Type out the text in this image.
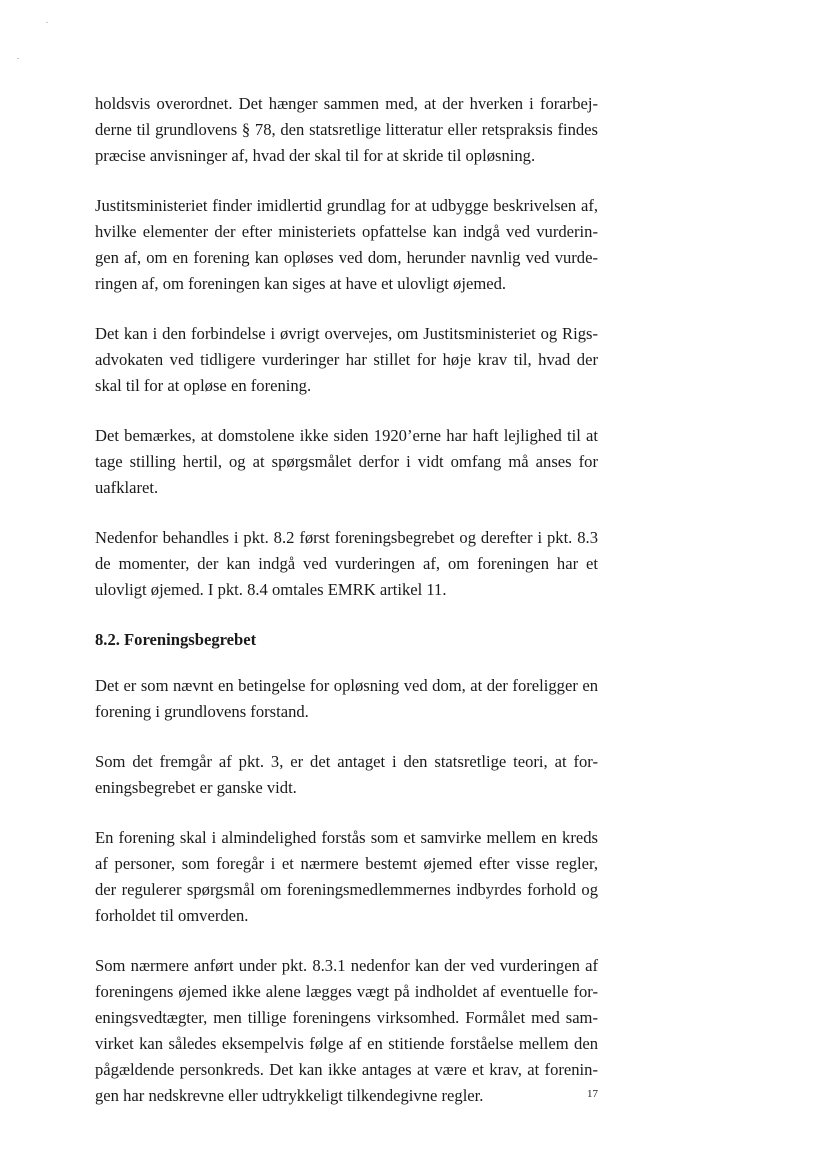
holdsvis overordnet. Det hænger sammen med, at der hverken i forarbej-
derne til grundlovens § 78, den statsretlige litteratur eller retspraksis findes
præcise anvisninger af, hvad der skal til for at skride til opløsning.
Justitsministeriet finder imidlertid grundlag for at udbygge beskrivelsen af,
hvilke elementer der efter ministeriets opfattelse kan indgå ved vurderin-
gen af, om en forening kan opløses ved dom, herunder navnlig ved vurde-
ringen af, om foreningen kan siges at have et ulovligt øjemed.
Det kan i den forbindelse i øvrigt overvejes, om Justitsministeriet og Rigs-
advokaten ved tidligere vurderinger har stillet for høje krav til, hvad der
skal til for at opløse en forening.
Det bemærkes, at domstolene ikke siden 1920’erne har haft lejlighed til at
tage stilling hertil, og at spørgsmålet derfor i vidt omfang må anses for
uafklaret.
Nedenfor behandles i pkt. 8.2 først foreningsbegrebet og derefter i pkt. 8.3
de momenter, der kan indgå ved vurderingen af, om foreningen har et
ulovligt øjemed. I pkt. 8.4 omtales EMRK artikel 11.
8.2. Foreningsbegrebet
Det er som nævnt en betingelse for opløsning ved dom, at der foreligger en
forening i grundlovens forstand.
Som det fremgår af pkt. 3, er det antaget i den statsretlige teori, at for-
eningsbegrebet er ganske vidt.
En forening skal i almindelighed forstås som et samvirke mellem en kreds
af personer, som foregår i et nærmere bestemt øjemed efter visse regler,
der regulerer spørgsmål om foreningsmedlemmernes indbyrdes forhold og
forholdet til omverden.
Som nærmere anført under pkt. 8.3.1 nedenfor kan der ved vurderingen af
foreningens øjemed ikke alene lægges vægt på indholdet af eventuelle for-
eningsvedtægter, men tillige foreningens virksomhed. Formålet med sam-
virket kan således eksempelvis følge af en stitiende forståelse mellem den
pågældende personkreds. Det kan ikke antages at være et krav, at forenin-
gen har nedskrevne eller udtrykkeligt tilkendegivne regler.	17
